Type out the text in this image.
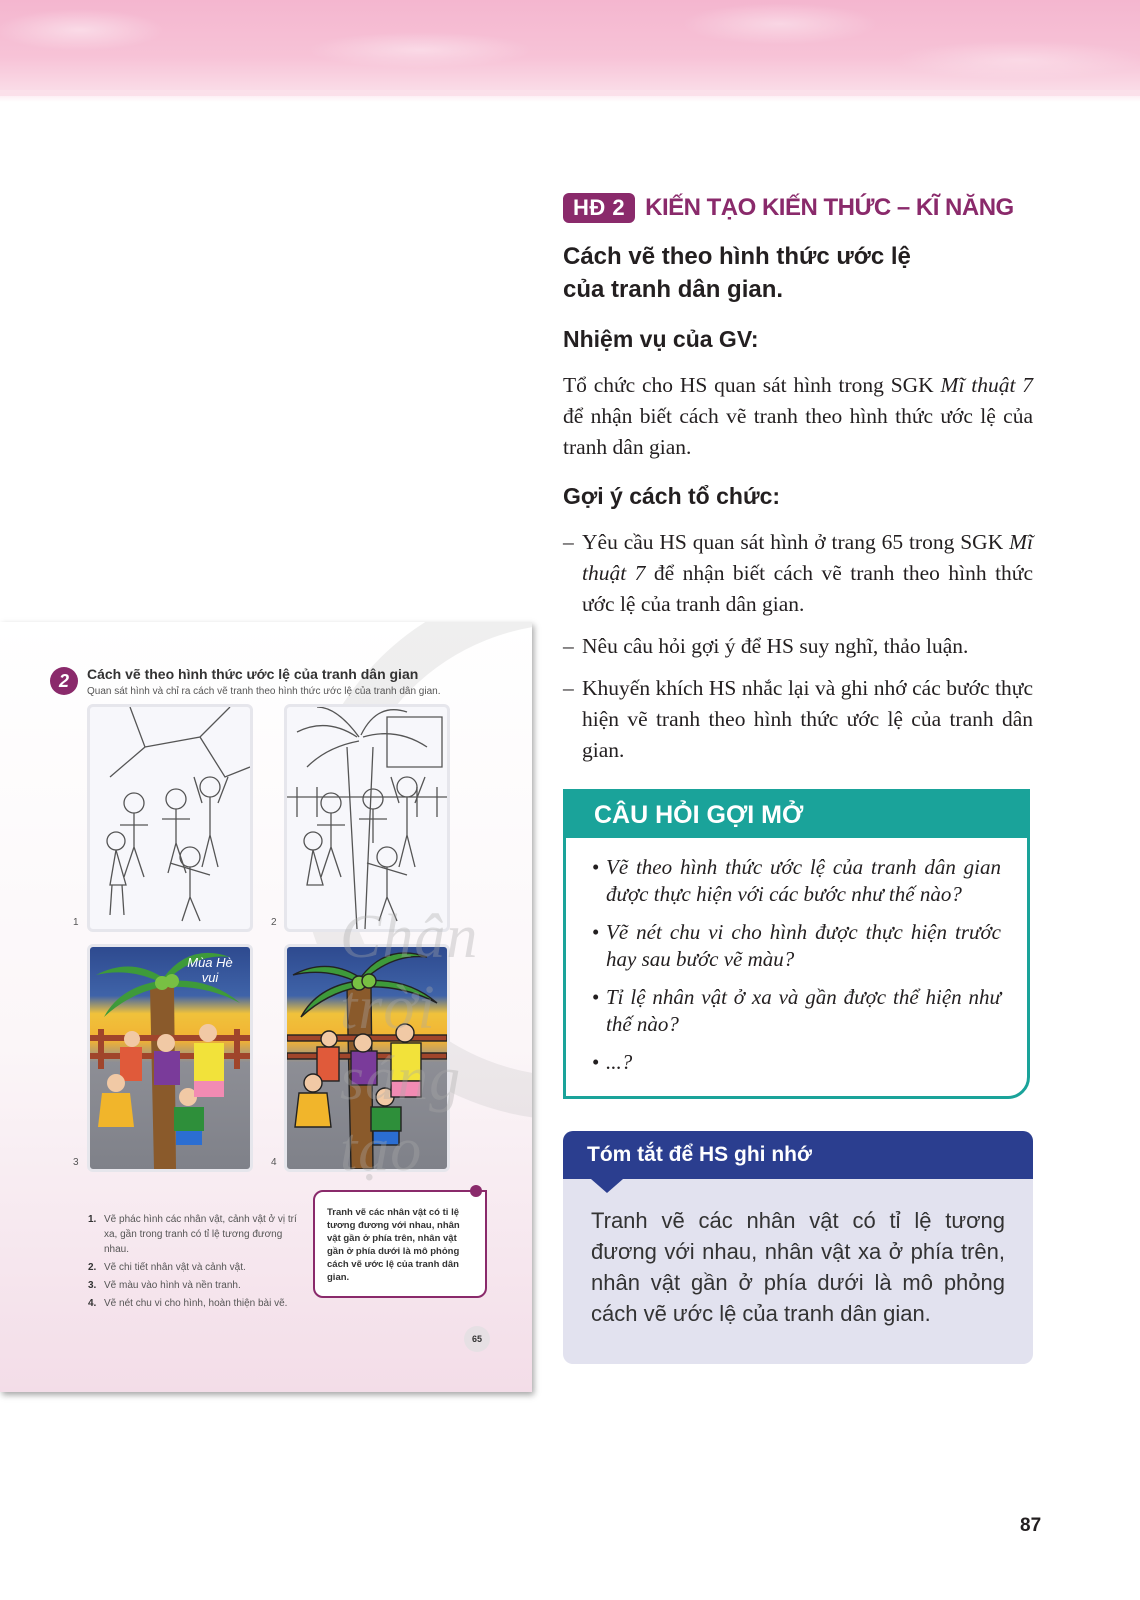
2	Cách vẽ theo hình thức ước lệ của tranh dân gian
Quan sát hình và chỉ ra cách vẽ tranh theo hình thức ước lệ của tranh dân gian.
Mùa Hè vui
1	2
3	4
Chân trời sáng tạo
1. Vẽ phác hình các nhân vật, cảnh vật ở vị trí xa, gần trong tranh có tỉ lệ tương đương nhau.
2. Vẽ chi tiết nhân vật và cảnh vật.
3. Vẽ màu vào hình và nền tranh.
4. Vẽ nét chu vi cho hình, hoàn thiện bài vẽ.
Tranh vẽ các nhân vật có tỉ lệ tương đương với nhau, nhân vật gần ở phía trên, nhân vật gần ở phía dưới là mô phỏng cách vẽ ước lệ của tranh dân gian.
65
HĐ 2 KIẾN TẠO KIẾN THỨC – KĨ NĂNG
Cách vẽ theo hình thức ước lệ
của tranh dân gian.
Nhiệm vụ của GV:
Tổ chức cho HS quan sát hình trong SGK Mĩ thuật 7 để nhận biết cách vẽ tranh theo hình thức ước lệ của tranh dân gian.
Gợi ý cách tổ chức:
– Yêu cầu HS quan sát hình ở trang 65 trong SGK Mĩ thuật 7 để nhận biết cách vẽ tranh theo hình thức ước lệ của tranh dân gian.
– Nêu câu hỏi gợi ý để HS suy nghĩ, thảo luận.
– Khuyến khích HS nhắc lại và ghi nhớ các bước thực hiện vẽ tranh theo hình thức ước lệ của tranh dân gian.
CÂU HỎI GỢI MỞ
• Vẽ theo hình thức ước lệ của tranh dân gian được thực hiện với các bước như thế nào?
• Vẽ nét chu vi cho hình được thực hiện trước hay sau bước vẽ màu?
• Tỉ lệ nhân vật ở xa và gần được thể hiện như thế nào?
• ...?
Tóm tắt để HS ghi nhớ
Tranh vẽ các nhân vật có tỉ lệ tương đương với nhau, nhân vật xa ở phía trên, nhân vật gần ở phía dưới là mô phỏng cách vẽ ước lệ của tranh dân gian.
87
